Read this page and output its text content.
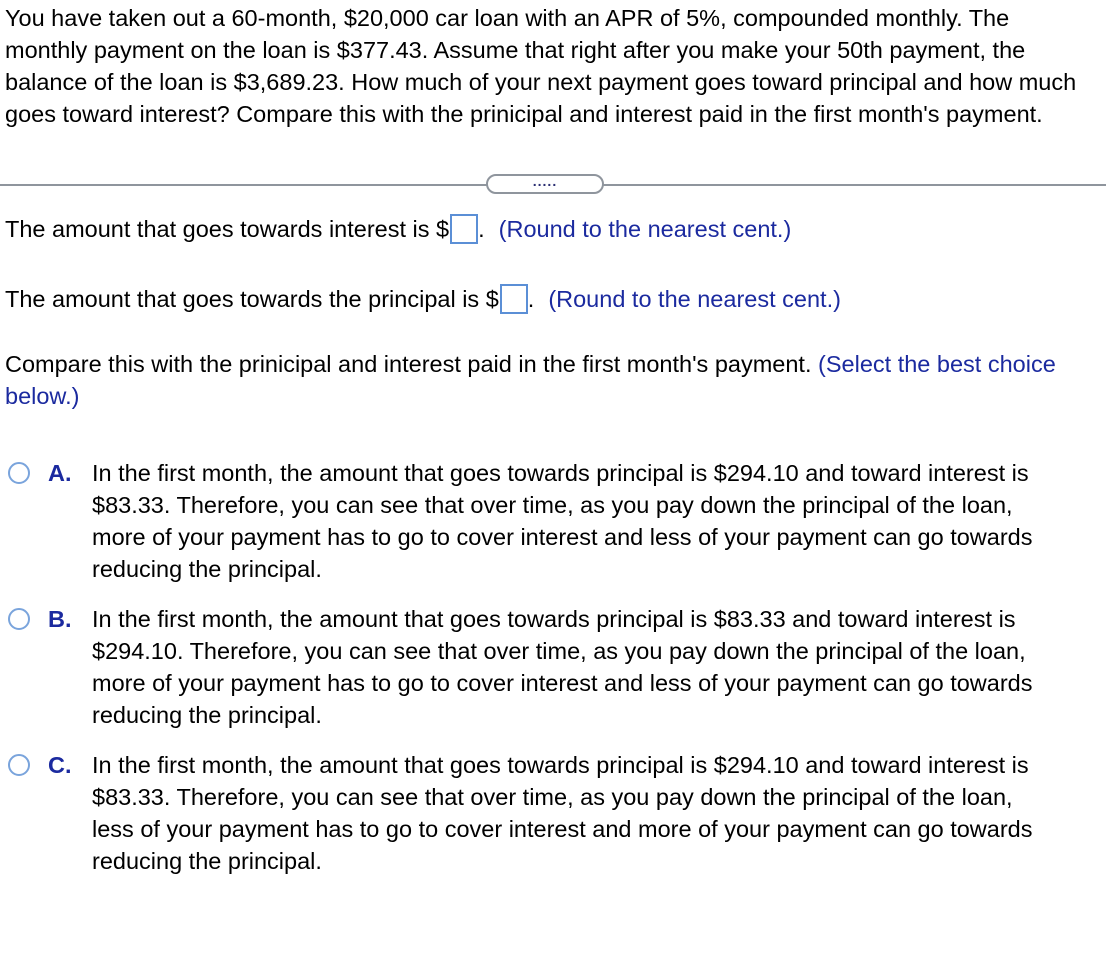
You have taken out a 60-month, $20,000 car loan with an APR of 5%, compounded monthly. The monthly payment on the loan is $377.43. Assume that right after you make your 50th payment, the balance of the loan is $3,689.23. How much of your next payment goes toward principal and how much goes toward interest? Compare this with the prinicipal and interest paid in the first month's payment.

.....
The amount that goes towards interest is $ . (Round to the nearest cent.)
The amount that goes towards the principal is $ . (Round to the nearest cent.)
Compare this with the prinicipal and interest paid in the first month's payment. (Select the best choice below.)
A. In the first month, the amount that goes towards principal is $294.10 and toward interest is $83.33. Therefore, you can see that over time, as you pay down the principal of the loan, more of your payment has to go to cover interest and less of your payment can go towards reducing the principal.
B. In the first month, the amount that goes towards principal is $83.33 and toward interest is $294.10. Therefore, you can see that over time, as you pay down the principal of the loan, more of your payment has to go to cover interest and less of your payment can go towards reducing the principal.
C. In the first month, the amount that goes towards principal is $294.10 and toward interest is $83.33. Therefore, you can see that over time, as you pay down the principal of the loan, less of your payment has to go to cover interest and more of your payment can go towards reducing the principal.
